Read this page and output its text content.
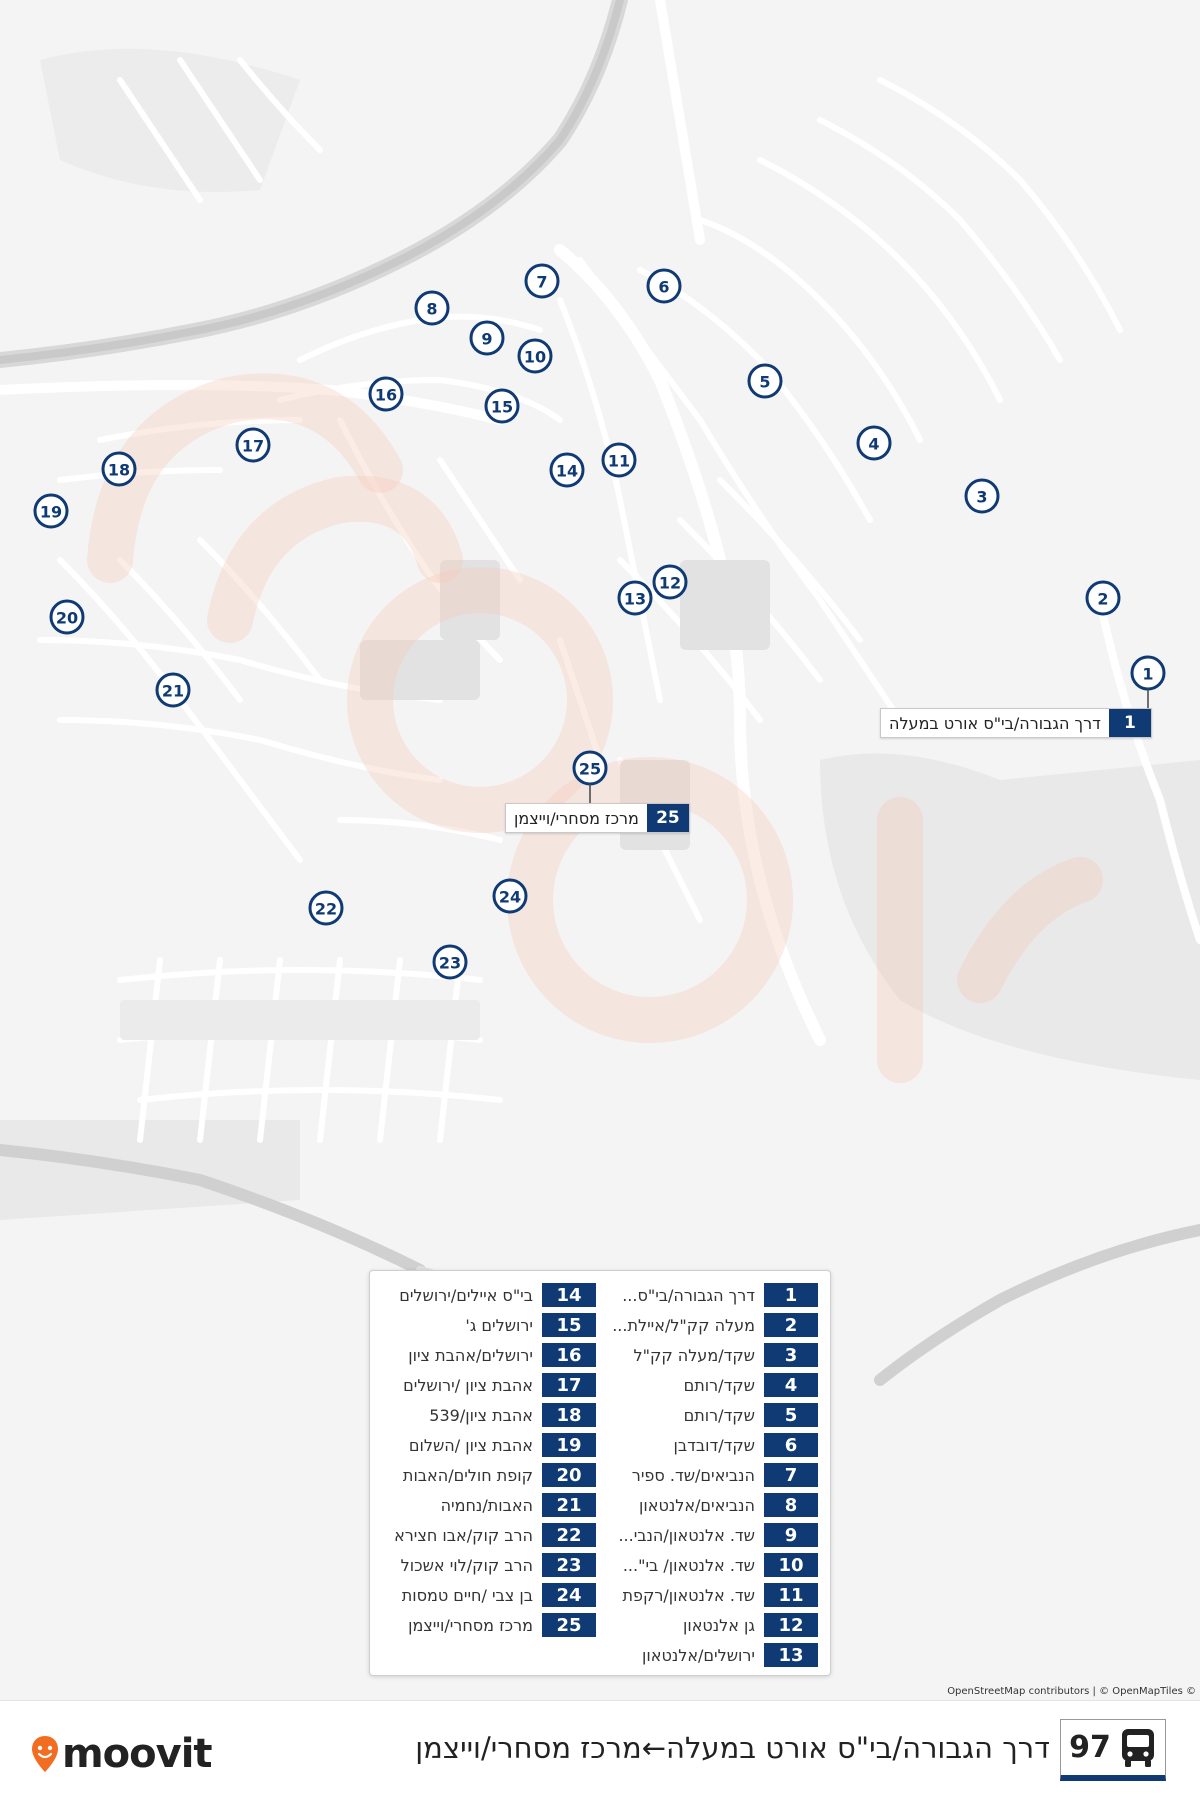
1
2
3
4
5
6
7
8
9
10
11
12
13
14
15
16
17
18
19
20
21
22
23
24
25
1
דרך הגבורה/בי"ס אורט במעלה
25
מרכז מסחרי/וייצמן
1
דרך הגבורה/בי"ס...
2
מעלה קק"ל/איילת...
3
שקד/מעלה קק"ל
4
שקד/רותם
5
שקד/רותם
6
שקד/דובדבן
7
הנביאים/שד. ספיר
8
הנביאים/אלנטאון
9
שד. אלנטאון/הנבי...
10
שד. אלנטאון/ בי"...
11
שד. אלנטאון/רקפת
12
גן אלנטאון
13
ירושלים/אלנטאון
14
בי"ס איילים/ירושלים
15
ירושלים ג'
16
ירושלים/אהבת ציון
17
אהבת ציון /ירושלים
18
אהבת ציון/539
19
אהבת ציון /השלום
20
קופת חולים/האבות
21
האבות/נחמיה
22
הרב קוק/אבו חצירא
23
הרב קוק/לוי אשכול
24
בן צבי /חיים טמסות
25
מרכז מסחרי/וייצמן
OpenStreetMap contributors | © OpenMapTiles ©
moovit	דרך הגבורה/בי"ס אורט במעלה←מרכז מסחרי/וייצמן 97
